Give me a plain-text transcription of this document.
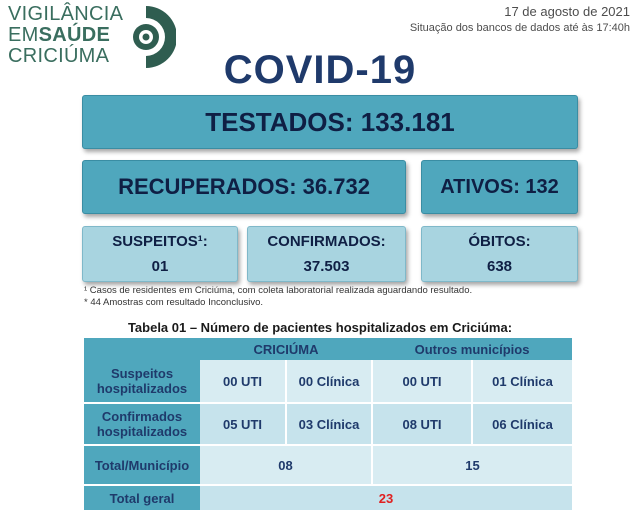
VIGILÂNCIA
EMSAÚDE
CRICIÚMA
17 de agosto de 2021
Situação dos bancos de dados até às 17:40h
COVID-19
TESTADOS: 133.181
RECUPERADOS: 36.732	ATIVOS: 132
SUSPEITOS¹:
01
CONFIRMADOS:
37.503
ÓBITOS:
638
¹ Casos de residentes em Criciúma, com coleta laboratorial realizada aguardando resultado.
* 44 Amostras com resultado Inconclusivo.
Tabela 01 – Número de pacientes hospitalizados em Criciúma:
	CRICIÚMA		Outros municípios	
Suspeitos hospitalizados	00 UTI	00 Clínica	00 UTI	01 Clínica
Confirmados hospitalizados	05 UTI	03 Clínica	08 UTI	06 Clínica
Total/Município	08		15	
Total geral	23			
